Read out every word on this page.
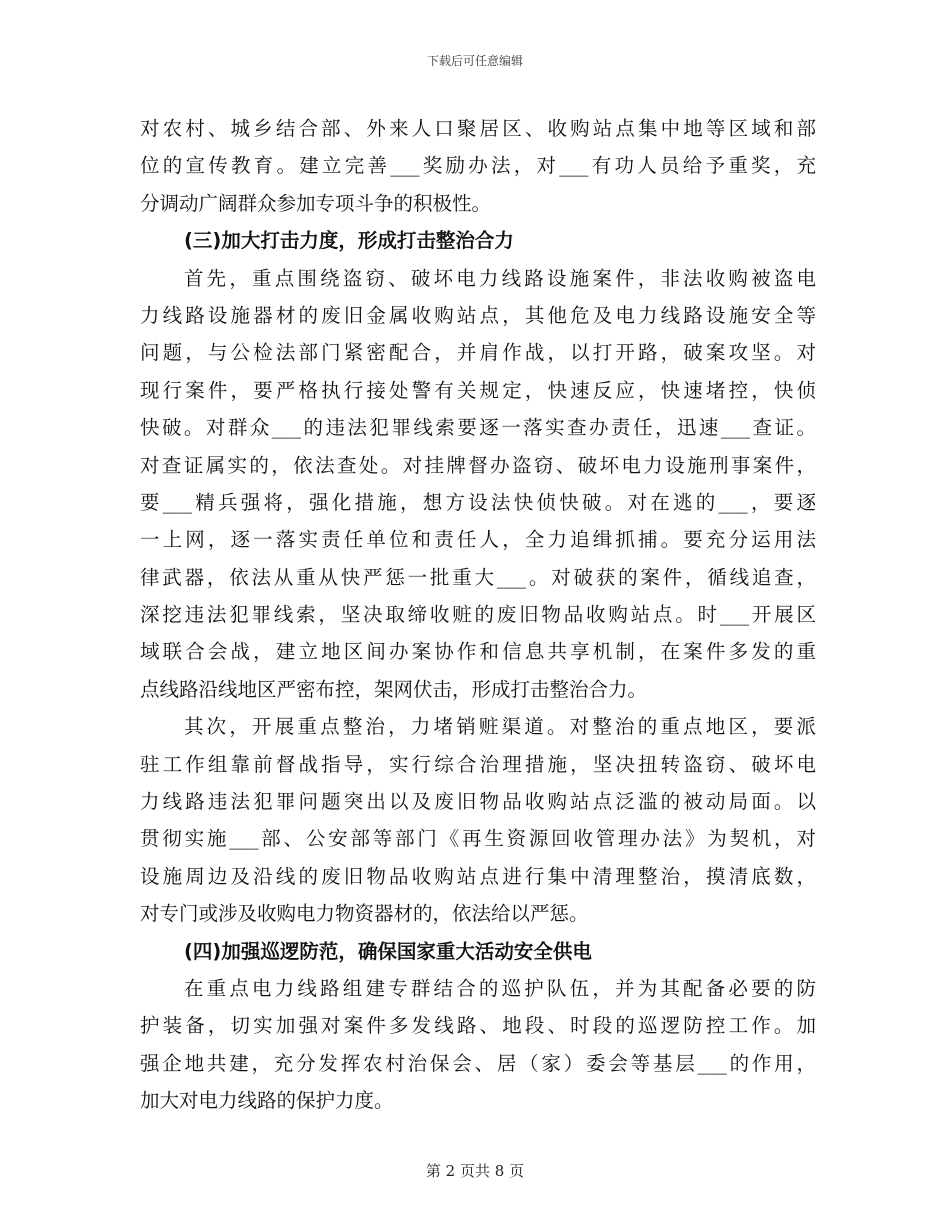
下载后可任意编辑
对农村、城乡结合部、外来人口聚居区、收购站点集中地等区域和部
位的宣传教育。建立完善___奖励办法，对___有功人员给予重奖，充
分调动广阔群众参加专项斗争的积极性。
(三)加大打击力度，形成打击整治合力
首先，重点围绕盗窃、破坏电力线路设施案件，非法收购被盗电
力线路设施器材的废旧金属收购站点，其他危及电力线路设施安全等
问题，与公检法部门紧密配合，并肩作战，以打开路，破案攻坚。对
现行案件，要严格执行接处警有关规定，快速反应，快速堵控，快侦
快破。对群众___的违法犯罪线索要逐一落实查办责任，迅速___查证。
对查证属实的，依法查处。对挂牌督办盗窃、破坏电力设施刑事案件，
要___精兵强将，强化措施，想方设法快侦快破。对在逃的___，要逐
一上网，逐一落实责任单位和责任人，全力追缉抓捕。要充分运用法
律武器，依法从重从快严惩一批重大___。对破获的案件，循线追查，
深挖违法犯罪线索，坚决取缔收赃的废旧物品收购站点。时___开展区
域联合会战，建立地区间办案协作和信息共享机制，在案件多发的重
点线路沿线地区严密布控，架网伏击，形成打击整治合力。
其次，开展重点整治，力堵销赃渠道。对整治的重点地区，要派
驻工作组靠前督战指导，实行综合治理措施，坚决扭转盗窃、破坏电
力线路违法犯罪问题突出以及废旧物品收购站点泛滥的被动局面。以
贯彻实施___部、公安部等部门《再生资源回收管理办法》为契机，对
设施周边及沿线的废旧物品收购站点进行集中清理整治，摸清底数，
对专门或涉及收购电力物资器材的，依法给以严惩。
(四)加强巡逻防范，确保国家重大活动安全供电
在重点电力线路组建专群结合的巡护队伍，并为其配备必要的防
护装备，切实加强对案件多发线路、地段、时段的巡逻防控工作。加
强企地共建，充分发挥农村治保会、居（家）委会等基层___的作用，
加大对电力线路的保护力度。
第 2 页共 8 页
